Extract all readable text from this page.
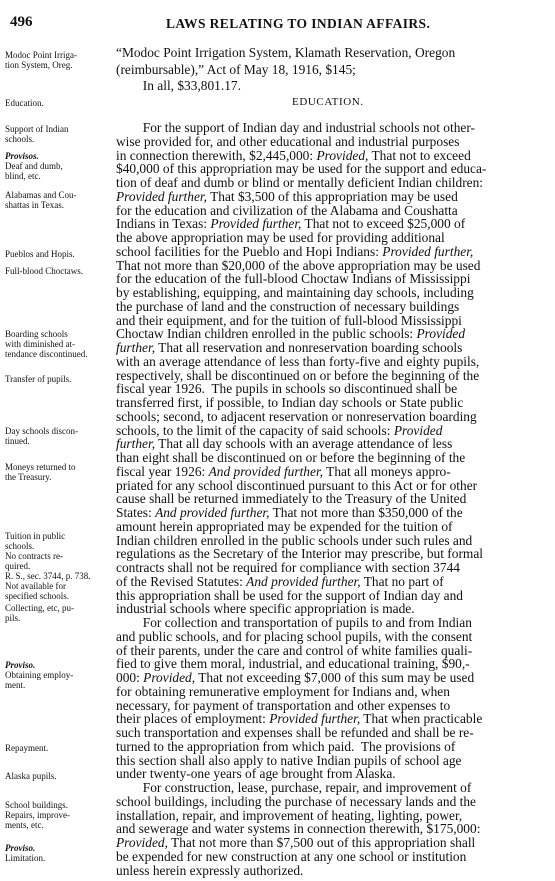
496	LAWS RELATING TO INDIAN AFFAIRS.
Modoc Point Irriga-
tion System, Oreg.
Education.
Support of Indian
schools.
Provisos.
Deaf and dumb,
blind, etc.
Alabamas and Cou-
shattas in Texas.
Pueblos and Hopis.
Full-blood Choctaws.
Boarding schools
with diminished at-
tendance discontinued.
Transfer of pupils.
Day schools discon-
tinued.
Moneys returned to
the Treasury.
Tuition in public
schools.
No contracts re-
quired.
R. S., sec. 3744, p. 738.
Not available for
specified schools.
Collecting, etc, pu-
pils.
Proviso.
Obtaining employ-
ment.
Repayment.
Alaska pupils.
School buildings.
Repairs, improve-
ments, etc.
Proviso.
Limitation.
“Modoc Point Irrigation System, Klamath Reservation, Oregon
(reimbursable),” Act of May 18, 1916, $145;
  In all, $33,801.17.
EDUCATION.
  For the support of Indian day and industrial schools not other-
wise provided for, and other educational and industrial purposes
in connection therewith, $2,445,000: Provided, That not to exceed
$40,000 of this appropriation may be used for the support and educa-
tion of deaf and dumb or blind or mentally deficient Indian children:
Provided further, That $3,500 of this appropriation may be used
for the education and civilization of the Alabama and Coushatta
Indians in Texas: Provided further, That not to exceed $25,000 of
the above appropriation may be used for providing additional
school facilities for the Pueblo and Hopi Indians: Provided further,
That not more than $20,000 of the above appropriation may be used
for the education of the full-blood Choctaw Indians of Mississippi
by establishing, equipping, and maintaining day schools, including
the purchase of land and the construction of necessary buildings
and their equipment, and for the tuition of full-blood Mississippi
Choctaw Indian children enrolled in the public schools: Provided
further, That all reservation and nonreservation boarding schools
with an average attendance of less than forty-five and eighty pupils,
respectively, shall be discontinued on or before the beginning of the
fiscal year 1926.  The pupils in schools so discontinued shall be
transferred first, if possible, to Indian day schools or State public
schools; second, to adjacent reservation or nonreservation boarding
schools, to the limit of the capacity of said schools: Provided
further, That all day schools with an average attendance of less
than eight shall be discontinued on or before the beginning of the
fiscal year 1926: And provided further, That all moneys appro-
priated for any school discontinued pursuant to this Act or for other
cause shall be returned immediately to the Treasury of the United
States: And provided further, That not more than $350,000 of the
amount herein appropriated may be expended for the tuition of
Indian children enrolled in the public schools under such rules and
regulations as the Secretary of the Interior may prescribe, but formal
contracts shall not be required for compliance with section 3744
of the Revised Statutes: And provided further, That no part of
this appropriation shall be used for the support of Indian day and
industrial schools where specific appropriation is made.
  For collection and transportation of pupils to and from Indian
and public schools, and for placing school pupils, with the consent
of their parents, under the care and control of white families quali-
fied to give them moral, industrial, and educational training, $90,-
000: Provided, That not exceeding $7,000 of this sum may be used
for obtaining remunerative employment for Indians and, when
necessary, for payment of transportation and other expenses to
their places of employment: Provided further, That when practicable
such transportation and expenses shall be refunded and shall be re-
turned to the appropriation from which paid.  The provisions of
this section shall also apply to native Indian pupils of school age
under twenty-one years of age brought from Alaska.
  For construction, lease, purchase, repair, and improvement of
school buildings, including the purchase of necessary lands and the
installation, repair, and improvement of heating, lighting, power,
and sewerage and water systems in connection therewith, $175,000:
Provided, That not more than $7,500 out of this appropriation shall
be expended for new construction at any one school or institution
unless herein expressly authorized.
